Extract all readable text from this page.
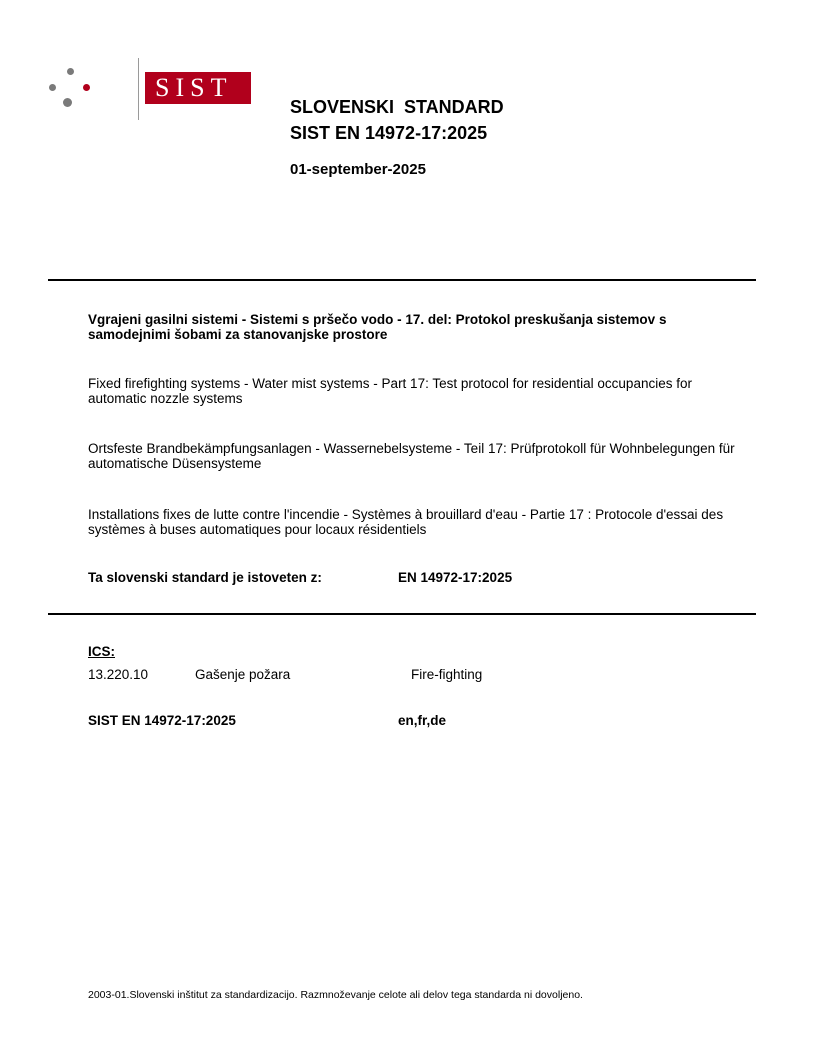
SIST
SLOVENSKI  STANDARD
SIST EN 14972-17:2025
01-september-2025
Vgrajeni gasilni sistemi - Sistemi s pršečo vodo - 17. del: Protokol preskušanja sistemov s samodejnimi šobami za stanovanjske prostore
Fixed firefighting systems - Water mist systems - Part 17: Test protocol for residential occupancies for automatic nozzle systems
Ortsfeste Brandbekämpfungsanlagen - Wassernebelsysteme - Teil 17: Prüfprotokoll für Wohnbelegungen für automatische Düsensysteme
Installations fixes de lutte contre l'incendie - Systèmes à brouillard d'eau - Partie 17 : Protocole d'essai des systèmes à buses automatiques pour locaux résidentiels
Ta slovenski standard je istoveten z:	EN 14972-17:2025
ICS:
13.220.10	Gašenje požara	Fire-fighting
SIST EN 14972-17:2025	en,fr,de
2003-01.Slovenski inštitut za standardizacijo. Razmnoževanje celote ali delov tega standarda ni dovoljeno.
